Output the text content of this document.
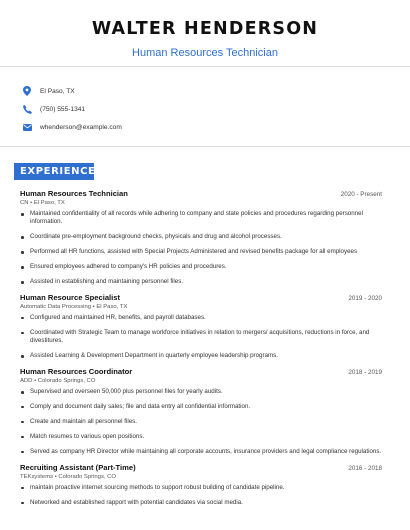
WALTER HENDERSON
Human Resources Technician
El Paso, TX
(750) 555-1341
whenderson@example.com
EXPERIENCE
Human Resources Technician	2020 - Present
CN • El Paso, TX
Maintained confidentiality of all records while adhering to company and state policies and procedures regarding personnel information.
Coordinate pre-employment background checks, physicals and drug and alcohol processes.
Performed all HR functions, assisted with Special Projects Administered and revised benefits package for all employees
Ensured employees adhered to company's HR policies and procedures.
Assisted in establishing and maintaining personnel files.
Human Resource Specialist	2019 - 2020
Automatic Data Processing • El Paso, TX
Configured and maintained HR, benefits, and payroll databases.
Coordinated with Strategic Team to manage workforce initiatives in relation to mergers/ acquisitions, reductions in force, and divestitures.
Assisted Learning & Development Department in quarterly employee leadership programs.
Human Resources Coordinator	2018 - 2019
ADD • Colorado Springs, CO
Supervised and overseen 50,000 plus personnel files for yearly audits.
Comply and document daily sales; file and data entry all confidential information.
Create and maintain all personnel files.
Match resumes to various open positions.
Served as company HR Director while maintaining all corporate accounts, insurance providers and legal compliance regulations.
Recruiting Assistant (Part-Time)	2016 - 2018
TEKsystems • Colorado Springs, CO
maintain proactive internet sourcing methods to support robust building of candidate pipeline.
Networked and established rapport with potential candidates via social media.
